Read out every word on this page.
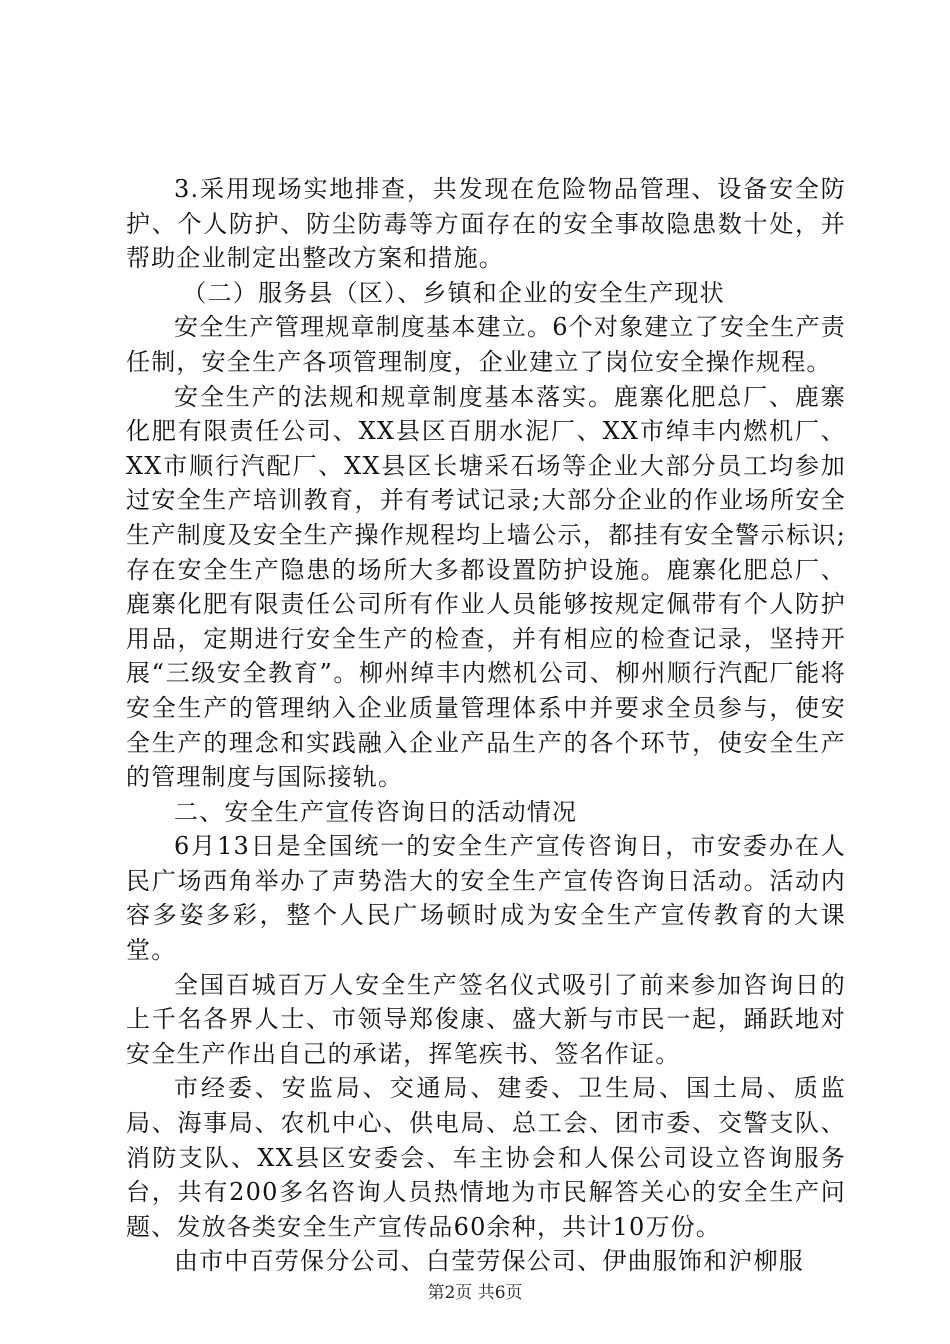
3.采用现场实地排查，共发现在危险物品管理、设备安全防护、个人防护、防尘防毒等方面存在的安全事故隐患数十处，并帮助企业制定出整改方案和措施。

（二）服务县（区）、乡镇和企业的安全生产现状

安全生产管理规章制度基本建立。6个对象建立了安全生产责任制，安全生产各项管理制度，企业建立了岗位安全操作规程。

安全生产的法规和规章制度基本落实。鹿寨化肥总厂、鹿寨化肥有限责任公司、XX县区百朋水泥厂、XX市绰丰内燃机厂、XX市顺行汽配厂、XX县区长塘采石场等企业大部分员工均参加过安全生产培训教育，并有考试记录;大部分企业的作业场所安全生产制度及安全生产操作规程均上墙公示，都挂有安全警示标识;存在安全生产隐患的场所大多都设置防护设施。鹿寨化肥总厂、鹿寨化肥有限责任公司所有作业人员能够按规定佩带有个人防护用品，定期进行安全生产的检查，并有相应的检查记录，坚持开展“三级安全教育”。柳州绰丰内燃机公司、柳州顺行汽配厂能将安全生产的管理纳入企业质量管理体系中并要求全员参与，使安全生产的理念和实践融入企业产品生产的各个环节，使安全生产的管理制度与国际接轨。

二、安全生产宣传咨询日的活动情况

6月13日是全国统一的安全生产宣传咨询日，市安委办在人民广场西角举办了声势浩大的安全生产宣传咨询日活动。活动内容多姿多彩，整个人民广场顿时成为安全生产宣传教育的大课堂。

全国百城百万人安全生产签名仪式吸引了前来参加咨询日的上千名各界人士、市领导郑俊康、盛大新与市民一起，踊跃地对安全生产作出自己的承诺，挥笔疾书、签名作证。

市经委、安监局、交通局、建委、卫生局、国土局、质监局、海事局、农机中心、供电局、总工会、团市委、交警支队、消防支队、XX县区安委会、车主协会和人保公司设立咨询服务台，共有200多名咨询人员热情地为市民解答关心的安全生产问题、发放各类安全生产宣传品60余种，共计10万份。

由市中百劳保分公司、白莹劳保公司、伊曲服饰和沪柳服

第2页 共6页
